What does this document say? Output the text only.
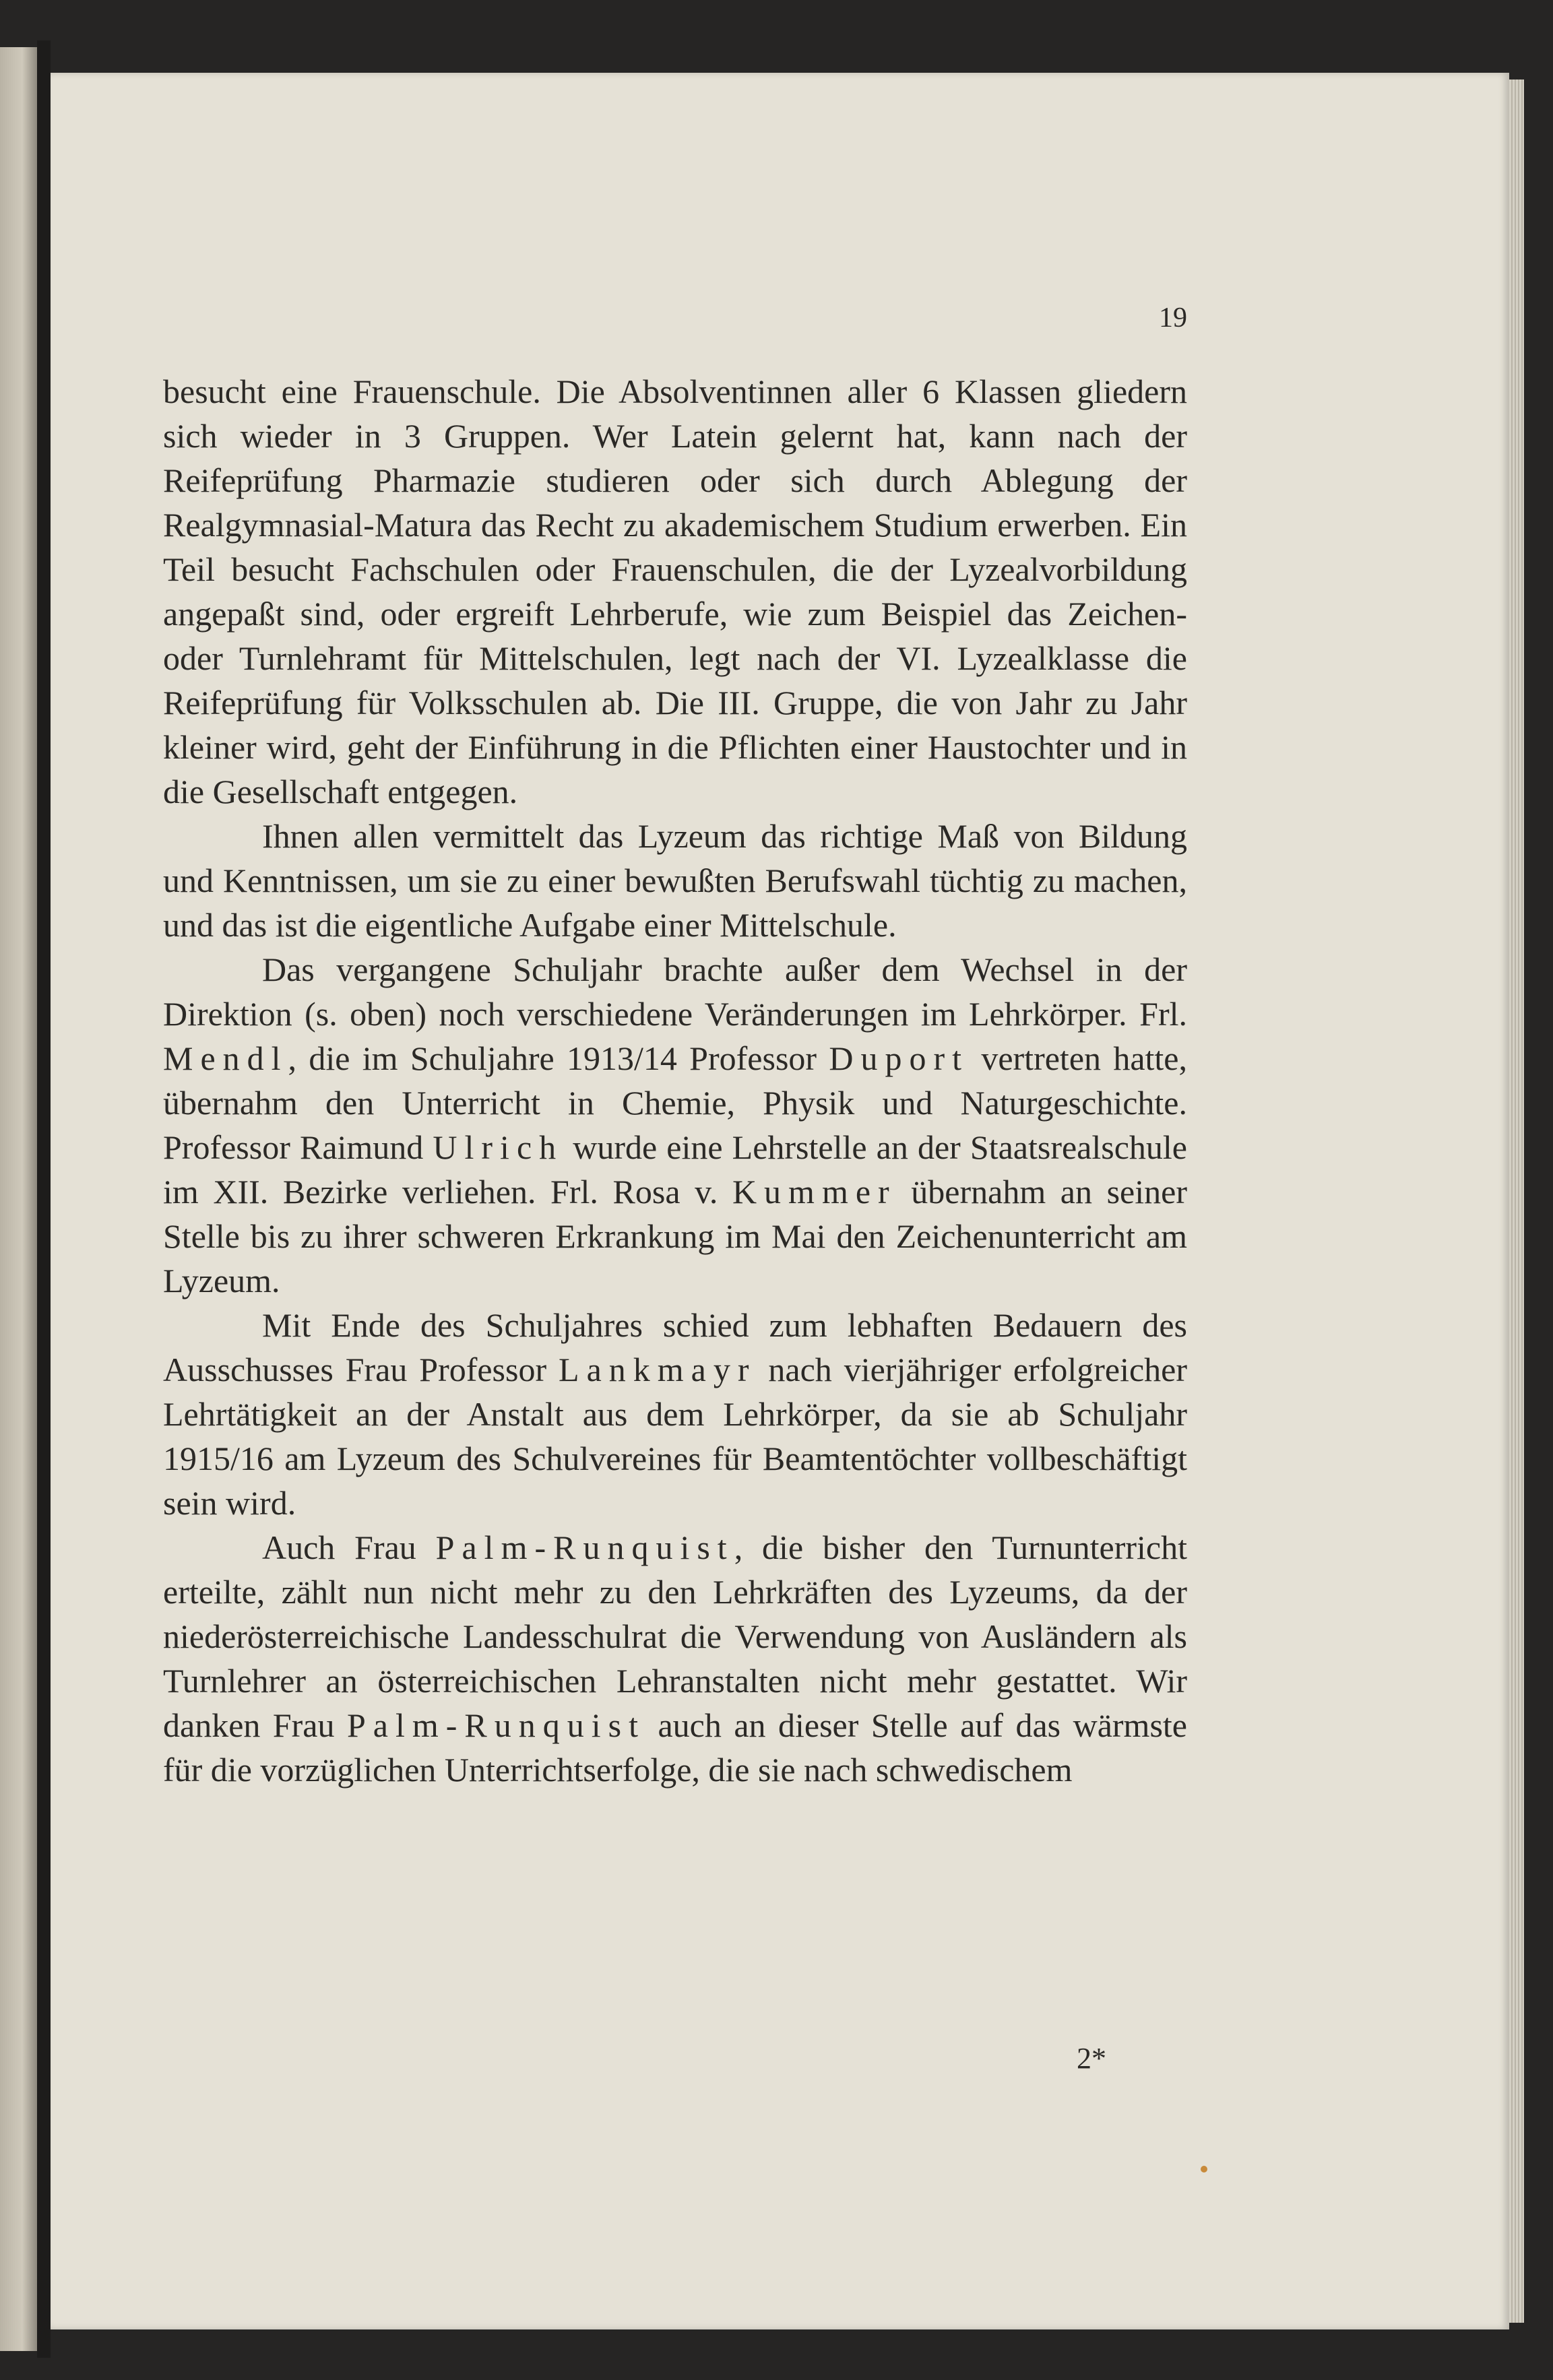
19

besucht eine Frauenschule. Die Absolventinnen aller 6 Klassen gliedern sich wieder in 3 Gruppen. Wer Latein gelernt hat, kann nach der Reifeprüfung Pharmazie studieren oder sich durch Ablegung der Realgymnasial-Matura das Recht zu akademischem Studium erwerben. Ein Teil besucht Fachschulen oder Frauenschulen, die der Lyzealvorbildung angepaßt sind, oder ergreift Lehrberufe, wie zum Beispiel das Zeichen- oder Turnlehramt für Mittelschulen, legt nach der VI. Lyzealklasse die Reifeprüfung für Volksschulen ab. Die III. Gruppe, die von Jahr zu Jahr kleiner wird, geht der Einführung in die Pflichten einer Haustochter und in die Gesellschaft entgegen.

Ihnen allen vermittelt das Lyzeum das richtige Maß von Bildung und Kenntnissen, um sie zu einer bewußten Berufswahl tüchtig zu machen, und das ist die eigentliche Aufgabe einer Mittelschule.

Das vergangene Schuljahr brachte außer dem Wechsel in der Direktion (s. oben) noch verschiedene Veränderungen im Lehrkörper. Frl. Mendl, die im Schuljahre 1913/14 Professor Duport vertreten hatte, übernahm den Unterricht in Chemie, Physik und Naturgeschichte. Professor Raimund Ulrich wurde eine Lehrstelle an der Staatsrealschule im XII. Bezirke verliehen. Frl. Rosa v. Kummer übernahm an seiner Stelle bis zu ihrer schweren Erkrankung im Mai den Zeichenunterricht am Lyzeum.

Mit Ende des Schuljahres schied zum lebhaften Bedauern des Ausschusses Frau Professor Lankmayr nach vierjähriger erfolgreicher Lehrtätigkeit an der Anstalt aus dem Lehrkörper, da sie ab Schuljahr 1915/16 am Lyzeum des Schulvereines für Beamtentöchter vollbeschäftigt sein wird.

Auch Frau Palm-Runquist, die bisher den Turnunterricht erteilte, zählt nun nicht mehr zu den Lehrkräften des Lyzeums, da der niederösterreichische Landesschulrat die Verwendung von Ausländern als Turnlehrer an österreichischen Lehranstalten nicht mehr gestattet. Wir danken Frau Palm-Runquist auch an dieser Stelle auf das wärmste für die vorzüglichen Unterrichtserfolge, die sie nach schwedischem

2*
